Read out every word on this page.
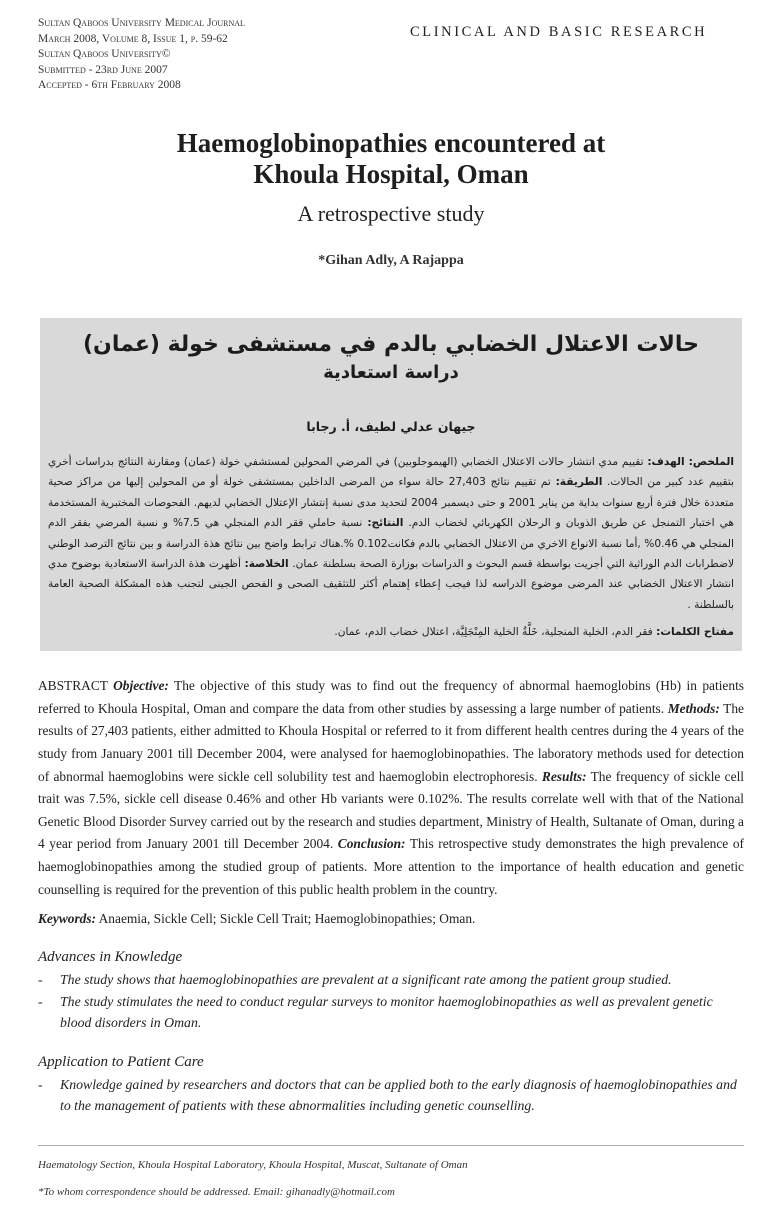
Sultan Qaboos University Medical Journal
March 2008, Volume 8, Issue 1, p. 59-62
Sultan Qaboos University©
Submitted - 23rd June 2007
Accepted - 6th February 2008
CLINICAL AND BASIC RESEARCH
Haemoglobinopathies encountered at
Khoula Hospital, Oman
A retrospective study
*Gihan Adly, A Rajappa
حالات الاعتلال الخضابي بالدم في مستشفى خولة (عمان)
دراسة استعادية
جيهان عدلي لطيف، أ. رجابا
الملخص: الهدف: تقييم مدي انتشار حالات الاعتلال الخضابي (الهيموجلوبين) في المرضي المحولين لمستشفي خولة (عمان) ومقارنة النتائج بدراسات أخري بتقييم عدد كبير من الحالات. الطريقة: تم تقييم نتائج 27,403 حالة سواء من المرضى الداخلين بمستشفى خولة أو من المحولين إليها من مراكز صحية متعددة خلال فترة أربع سنوات بداية من يناير 2001 و حتى ديسمبر 2004 لتحديد مدى نسبة إنتشار الإعتلال الخضابي لديهم. الفحوصات المختبرية المستخدمة هي اختبار التمنجل عن طريق الذوبان و الرحلان الكهربائي لخضاب الدم. النتائج: نسبة حاملي فقر الدم المنجلي هي 7.5% و نسبة المرضي بفقر الدم المنجلي هي 0.46% ,أما نسبة الانواع الاخري من الاعتلال الخضابي بالدم فكانت0.102 %.هناك ترابط واضح بين نتائج هذة الدراسة و بين نتائج الترصد الوطني لاضطرابات الدم الوراثية التي أجريت بواسطة قسم البحوث و الدراسات بوزارة الصحة بسلطنة عمان. الخلاصة: أظهرت هذة الدراسة الاستعادية بوضوح مدي انتشار الاعتلال الخضابي عند المرضى موضوع الدراسه لذا فيجب إعطاء إهتمام أكثر للتثقيف الصحى و الفحص الجينى لتجنب هذه المشكلة الصحية العامة بالسلطنة .
مفتاح الكلمات: فقر الدم، الخلية المنجلية، خَلَّةُ الخلية المِنْجَلِيَّة، اعتلال خضاب الدم، عمان.
ABSTRACT Objective: The objective of this study was to find out the frequency of abnormal haemoglobins (Hb) in patients referred to Khoula Hospital, Oman and compare the data from other studies by assessing a large number of patients. Methods: The results of 27,403 patients, either admitted to Khoula Hospital or referred to it from different health centres during the 4 years of the study from January 2001 till December 2004, were analysed for haemoglobinopathies. The laboratory methods used for detection of abnormal haemoglobins were sickle cell solubility test and haemoglobin electrophoresis. Results: The frequency of sickle cell trait was 7.5%, sickle cell disease 0.46% and other Hb variants were 0.102%. The results correlate well with that of the National Genetic Blood Disorder Survey carried out by the research and studies department, Ministry of Health, Sultanate of Oman, during a 4 year period from January 2001 till December 2004. Conclusion: This retrospective study demonstrates the high prevalence of haemoglobinopathies among the studied group of patients. More attention to the importance of health education and genetic counselling is required for the prevention of this public health problem in the country.
Keywords: Anaemia, Sickle Cell; Sickle Cell Trait; Haemoglobinopathies; Oman.
Advances in Knowledge
-	The study shows that haemoglobinopathies are prevalent at a significant rate among the patient group studied.
-	The study stimulates the need to conduct regular surveys to monitor haemoglobinopathies as well as prevalent genetic blood disorders in Oman.
Application to Patient Care
-	Knowledge gained by researchers and doctors that can be applied both to the early diagnosis of haemoglobinopathies and to the management of patients with these abnormalities including genetic counselling.
Haematology Section, Khoula Hospital Laboratory, Khoula Hospital, Muscat, Sultanate of Oman
*To whom correspondence should be addressed. Email: gihanadly@hotmail.com
